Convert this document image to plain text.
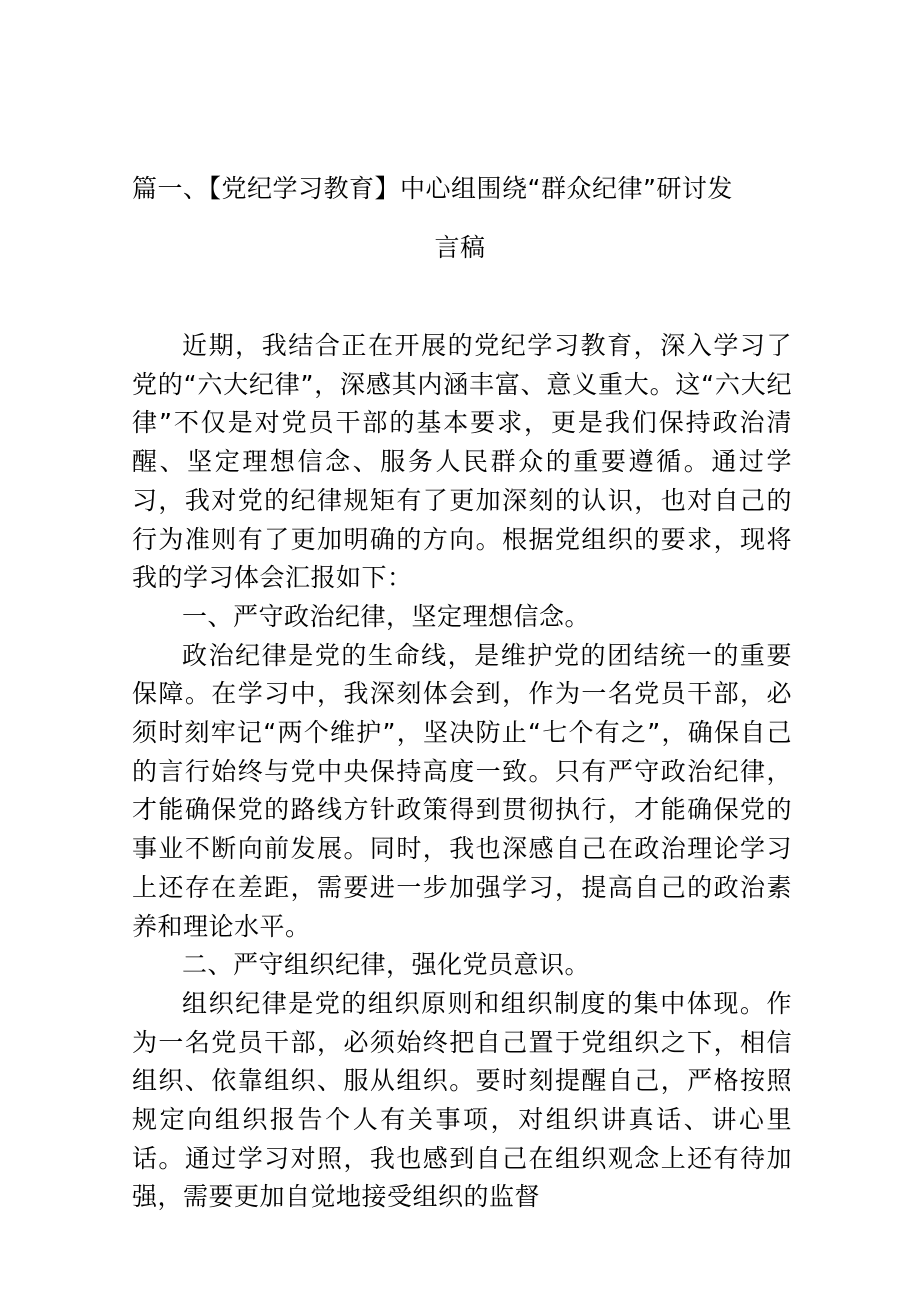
篇一、【党纪学习教育】中心组围绕“群众纪律”研讨发
言稿

近期，我结合正在开展的党纪学习教育，深入学习了党的“六大纪律”，深感其内涵丰富、意义重大。这“六大纪律”不仅是对党员干部的基本要求，更是我们保持政治清醒、坚定理想信念、服务人民群众的重要遵循。通过学习，我对党的纪律规矩有了更加深刻的认识，也对自己的行为准则有了更加明确的方向。根据党组织的要求，现将我的学习体会汇报如下：

一、严守政治纪律，坚定理想信念。

政治纪律是党的生命线，是维护党的团结统一的重要保障。在学习中，我深刻体会到，作为一名党员干部，必须时刻牢记“两个维护”，坚决防止“七个有之”，确保自己的言行始终与党中央保持高度一致。只有严守政治纪律，才能确保党的路线方针政策得到贯彻执行，才能确保党的事业不断向前发展。同时，我也深感自己在政治理论学习上还存在差距，需要进一步加强学习，提高自己的政治素养和理论水平。

二、严守组织纪律，强化党员意识。

组织纪律是党的组织原则和组织制度的集中体现。作为一名党员干部，必须始终把自己置于党组织之下，相信组织、依靠组织、服从组织。要时刻提醒自己，严格按照规定向组织报告个人有关事项，对组织讲真话、讲心里话。通过学习对照，我也感到自己在组织观念上还有待加强，需要更加自觉地接受组织的监督
